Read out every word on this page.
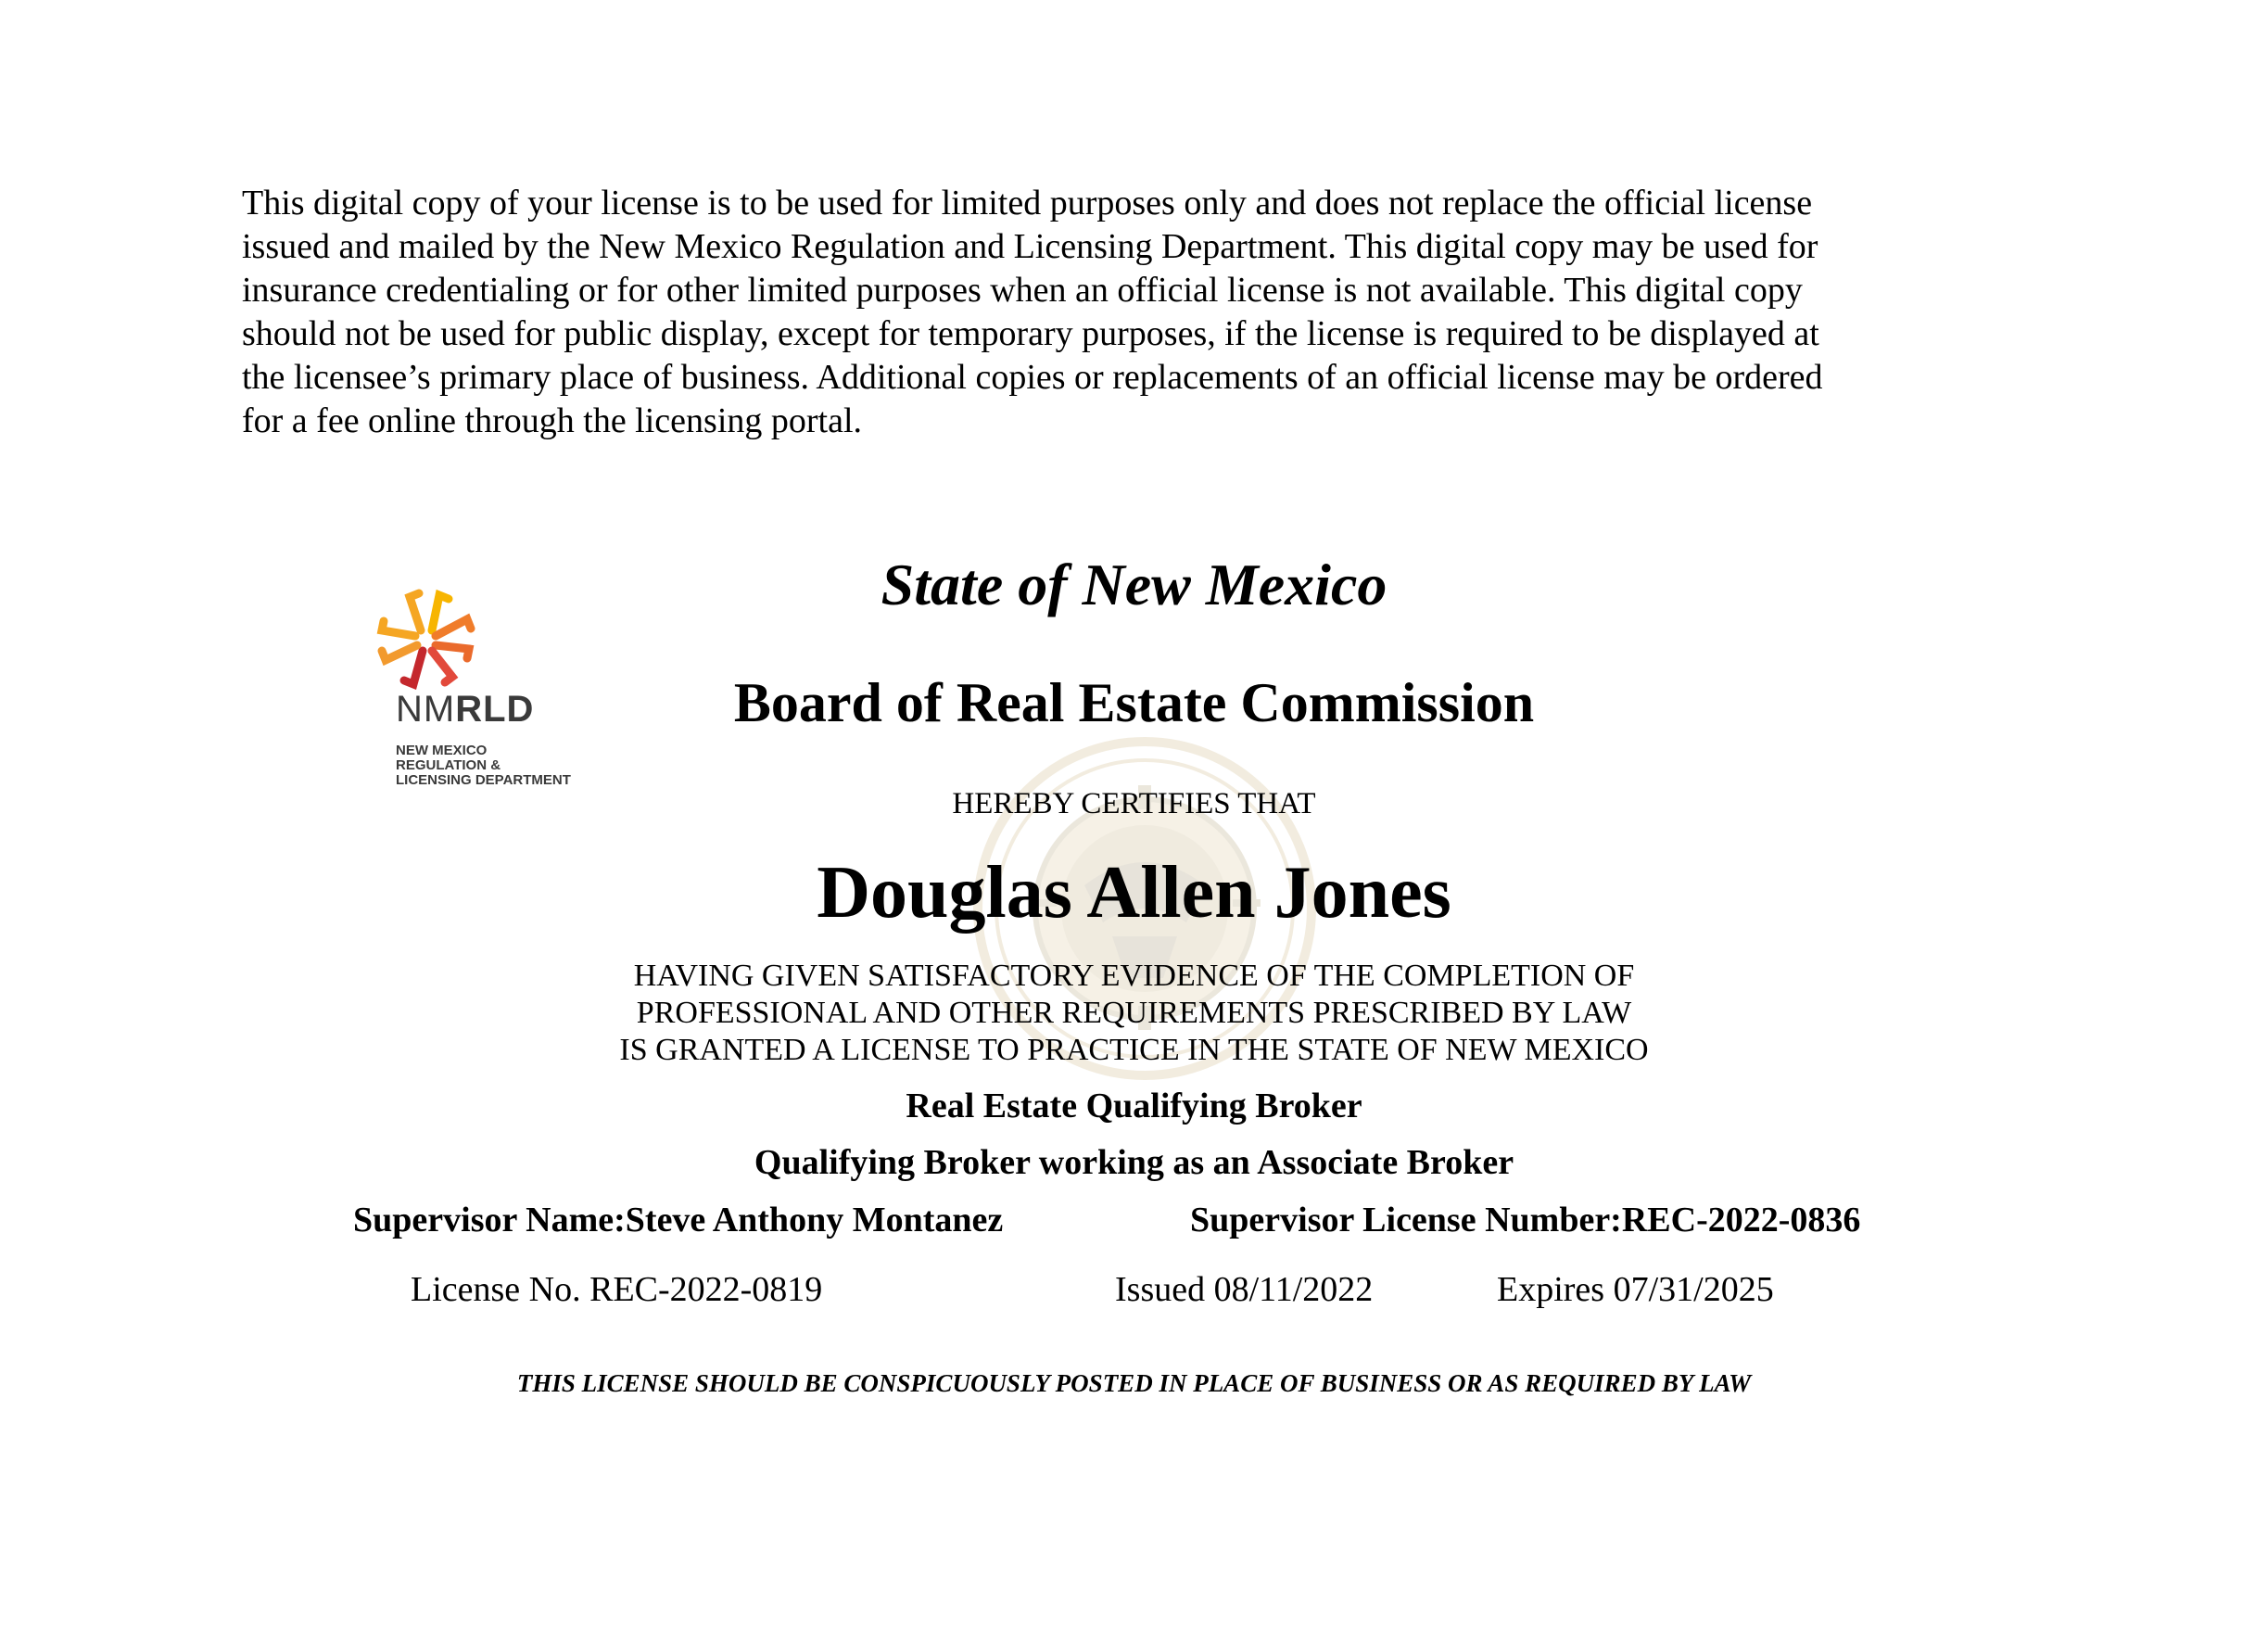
This digital copy of your license is to be used for limited purposes only and does not replace the official license

issued and mailed by the New Mexico Regulation and Licensing Department. This digital copy may be used for

insurance credentialing or for other limited purposes when an official license is not available. This digital copy

should not be used for public display, except for temporary purposes, if the license is required to be displayed at

the licensee’s primary place of business. Additional copies or replacements of an official license may be ordered

for a fee online through the licensing portal.

NMRLD
NEW MEXICO
REGULATION &
LICENSING DEPARTMENT
State of New Mexico
Board of Real Estate Commission
HEREBY CERTIFIES THAT
Douglas Allen Jones
HAVING GIVEN SATISFACTORY EVIDENCE OF THE COMPLETION OF
PROFESSIONAL AND OTHER REQUIREMENTS PRESCRIBED BY LAW
IS GRANTED A LICENSE TO PRACTICE IN THE STATE OF NEW MEXICO
Real Estate Qualifying Broker
Qualifying Broker working as an Associate Broker
Supervisor Name:Steve Anthony Montanez	Supervisor License Number:REC-2022-0836
License No. REC-2022-0819	Issued 08/11/2022	Expires 07/31/2025
THIS LICENSE SHOULD BE CONSPICUOUSLY POSTED IN PLACE OF BUSINESS OR AS REQUIRED BY LAW
